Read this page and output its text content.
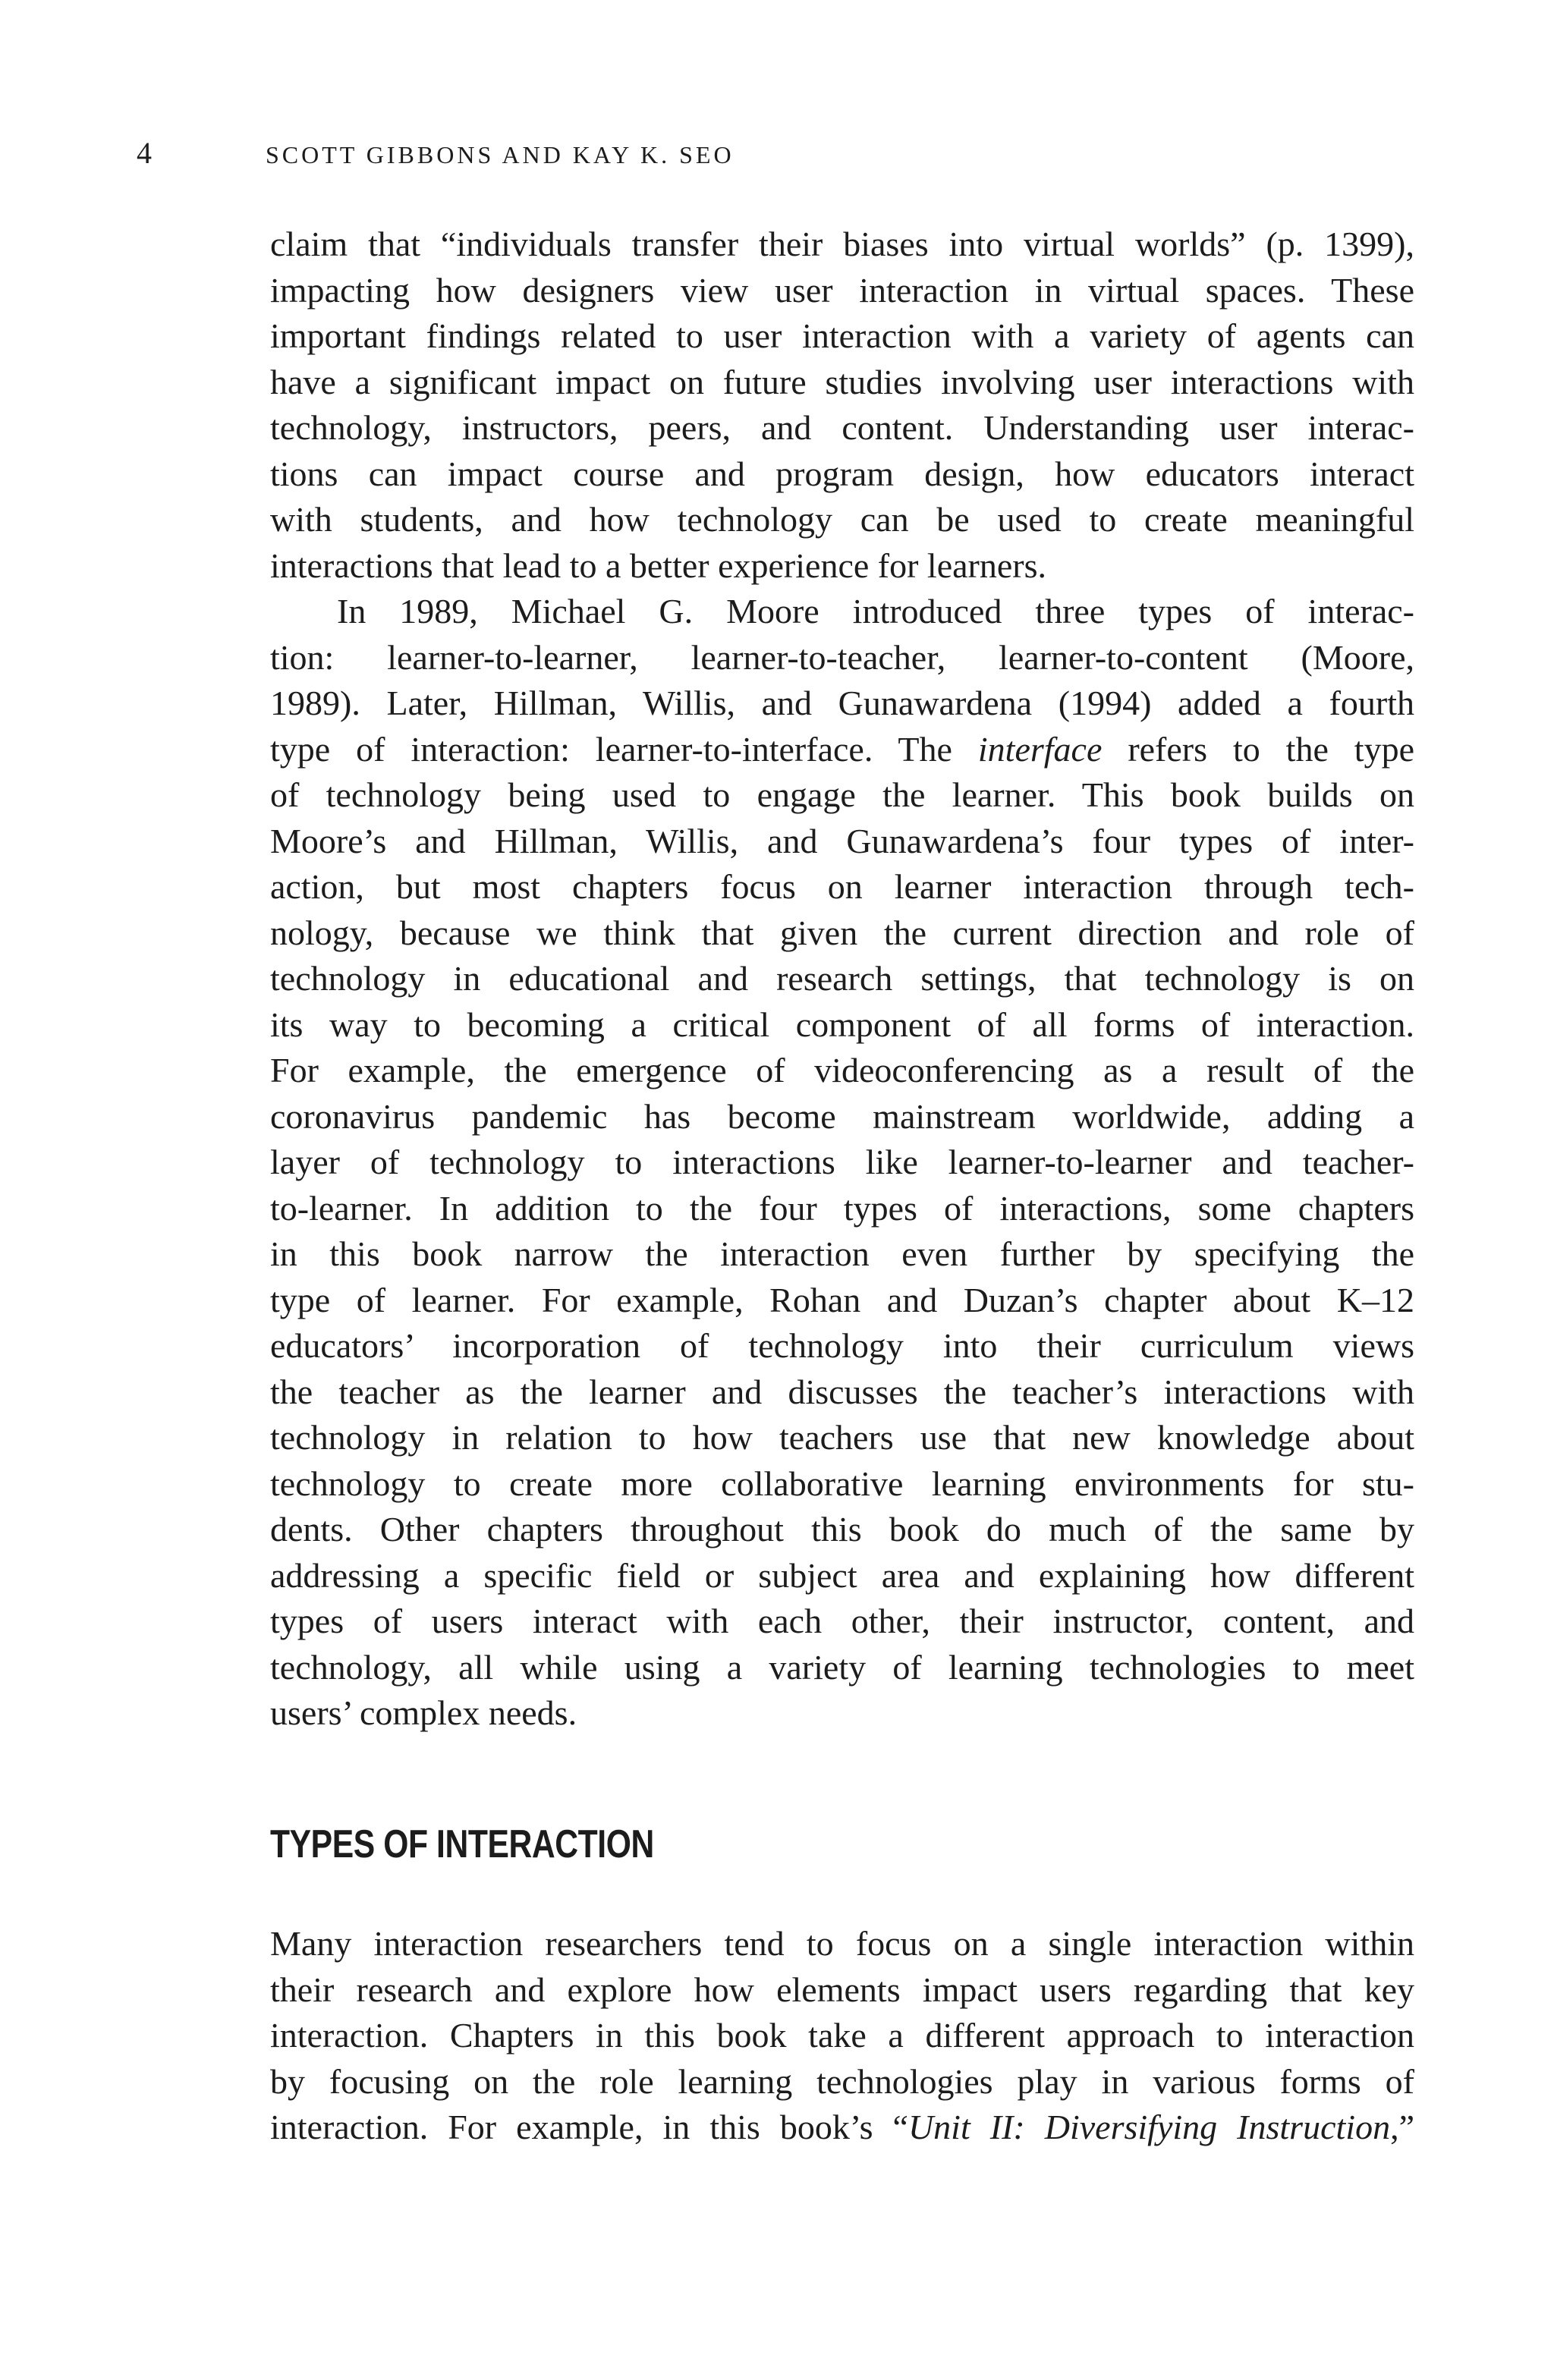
4	SCOTT GIBBONS AND KAY K. SEO
claim that “individuals transfer their biases into virtual worlds” (p. 1399),
impacting how designers view user interaction in virtual spaces. These
important findings related to user interaction with a variety of agents can
have a significant impact on future studies involving user interactions with
technology, instructors, peers, and content. Understanding user interac-
tions can impact course and program design, how educators interact
with students, and how technology can be used to create meaningful
interactions that lead to a better experience for learners.
In 1989, Michael G. Moore introduced three types of interac-
tion: learner-to-learner, learner-to-teacher, learner-to-content (Moore,
1989). Later, Hillman, Willis, and Gunawardena (1994) added a fourth
type of interaction: learner-to-interface. The interface refers to the type
of technology being used to engage the learner. This book builds on
Moore’s and Hillman, Willis, and Gunawardena’s four types of inter-
action, but most chapters focus on learner interaction through tech-
nology, because we think that given the current direction and role of
technology in educational and research settings, that technology is on
its way to becoming a critical component of all forms of interaction.
For example, the emergence of videoconferencing as a result of the
coronavirus pandemic has become mainstream worldwide, adding a
layer of technology to interactions like learner-to-learner and teacher-
to-learner. In addition to the four types of interactions, some chapters
in this book narrow the interaction even further by specifying the
type of learner. For example, Rohan and Duzan’s chapter about K–12
educators’ incorporation of technology into their curriculum views
the teacher as the learner and discusses the teacher’s interactions with
technology in relation to how teachers use that new knowledge about
technology to create more collaborative learning environments for stu-
dents. Other chapters throughout this book do much of the same by
addressing a specific field or subject area and explaining how different
types of users interact with each other, their instructor, content, and
technology, all while using a variety of learning technologies to meet
users’ complex needs.
TYPES OF INTERACTION
Many interaction researchers tend to focus on a single interaction within
their research and explore how elements impact users regarding that key
interaction. Chapters in this book take a different approach to interaction
by focusing on the role learning technologies play in various forms of
interaction. For example, in this book’s “Unit II: Diversifying Instruction,”
